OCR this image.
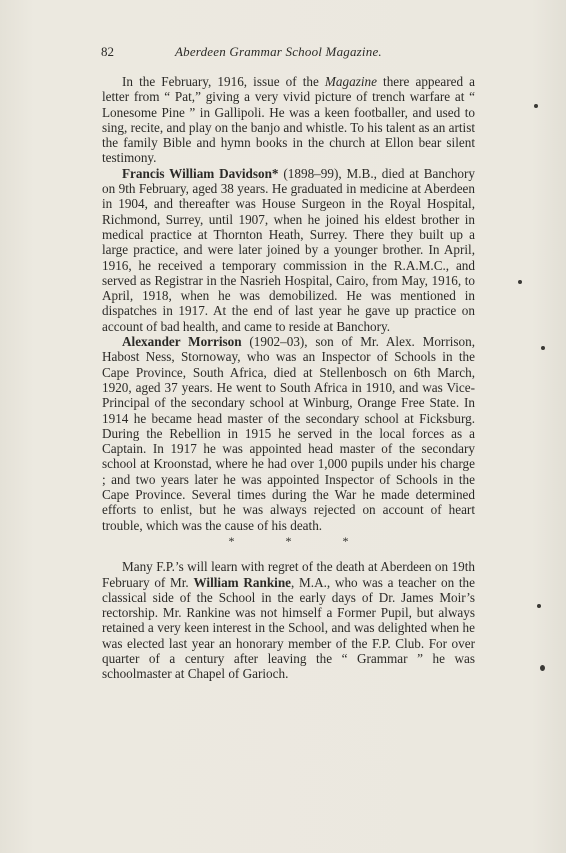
82	Aberdeen Grammar School Magazine.

In the February, 1916, issue of the Magazine there appeared a letter from “ Pat,” giving a very vivid picture of trench warfare at “ Lonesome Pine ” in Gallipoli. He was a keen footballer, and used to sing, recite, and play on the banjo and whistle. To his talent as an artist the family Bible and hymn books in the church at Ellon bear silent testimony.

Francis William Davidson* (1898–99), M.B., died at Banchory on 9th February, aged 38 years. He graduated in medicine at Aberdeen in 1904, and thereafter was House Surgeon in the Royal Hospital, Richmond, Surrey, until 1907, when he joined his eldest brother in medical practice at Thornton Heath, Surrey. There they built up a large practice, and were later joined by a younger brother. In April, 1916, he received a temporary commission in the R.A.M.C., and served as Registrar in the Nasrieh Hospital, Cairo, from May, 1916, to April, 1918, when he was demobilized. He was mentioned in dispatches in 1917. At the end of last year he gave up practice on account of bad health, and came to reside at Banchory.

Alexander Morrison (1902–03), son of Mr. Alex. Morrison, Habost Ness, Stornoway, who was an Inspector of Schools in the Cape Province, South Africa, died at Stellenbosch on 6th March, 1920, aged 37 years. He went to South Africa in 1910, and was Vice-Principal of the secondary school at Winburg, Orange Free State. In 1914 he became head master of the secondary school at Ficksburg. During the Rebellion in 1915 he served in the local forces as a Captain. In 1917 he was appointed head master of the secondary school at Kroonstad, where he had over 1,000 pupils under his charge ; and two years later he was appointed Inspector of Schools in the Cape Province. Several times during the War he made determined efforts to enlist, but he was always rejected on account of heart trouble, which was the cause of his death.

* * *

Many F.P.’s will learn with regret of the death at Aberdeen on 19th February of Mr. William Rankine, M.A., who was a teacher on the classical side of the School in the early days of Dr. James Moir’s rectorship. Mr. Rankine was not himself a Former Pupil, but always retained a very keen interest in the School, and was delighted when he was elected last year an honorary member of the F.P. Club. For over quarter of a century after leaving the “ Grammar ” he was schoolmaster at Chapel of Garioch.
